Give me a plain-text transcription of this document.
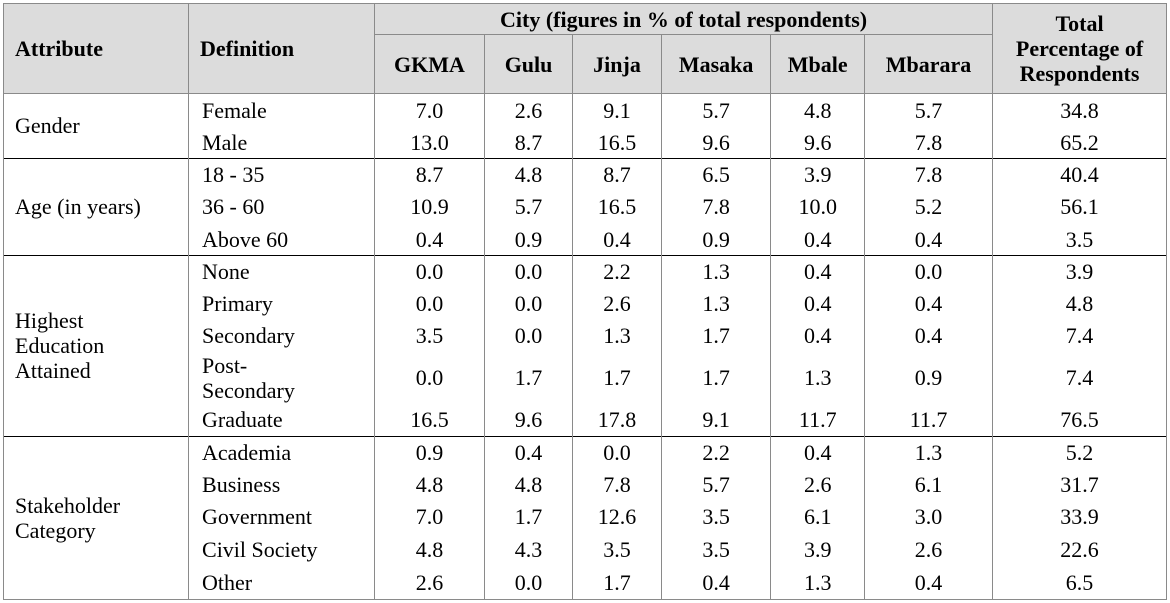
Attribute	Definition	City (figures in % of total respondents)						Total
Percentage of
Respondents

		GKMA	Gulu	Jinja	Masaka	Mbale	Mbarara	

Gender	Female	7.0	2.6	9.1	5.7	4.8	5.7	34.8

	Male	13.0	8.7	16.5	9.6	9.6	7.8	65.2

Age (in years)	18 - 35	8.7	4.8	8.7	6.5	3.9	7.8	40.4

	36 - 60	10.9	5.7	16.5	7.8	10.0	5.2	56.1

	Above 60	0.4	0.9	0.4	0.9	0.4	0.4	3.5

Highest
Education
Attained	None	0.0	0.0	2.2	1.3	0.4	0.0	3.9

	Primary	0.0	0.0	2.6	1.3	0.4	0.4	4.8

	Secondary	3.5	0.0	1.3	1.7	0.4	0.4	7.4

	Post-
Secondary	0.0	1.7	1.7	1.7	1.3	0.9	7.4

	Graduate	16.5	9.6	17.8	9.1	11.7	11.7	76.5

Stakeholder
Category	Academia	0.9	0.4	0.0	2.2	0.4	1.3	5.2

	Business	4.8	4.8	7.8	5.7	2.6	6.1	31.7

	Government	7.0	1.7	12.6	3.5	6.1	3.0	33.9

	Civil Society	4.8	4.3	3.5	3.5	3.9	2.6	22.6

	Other	2.6	0.0	1.7	0.4	1.3	0.4	6.5
